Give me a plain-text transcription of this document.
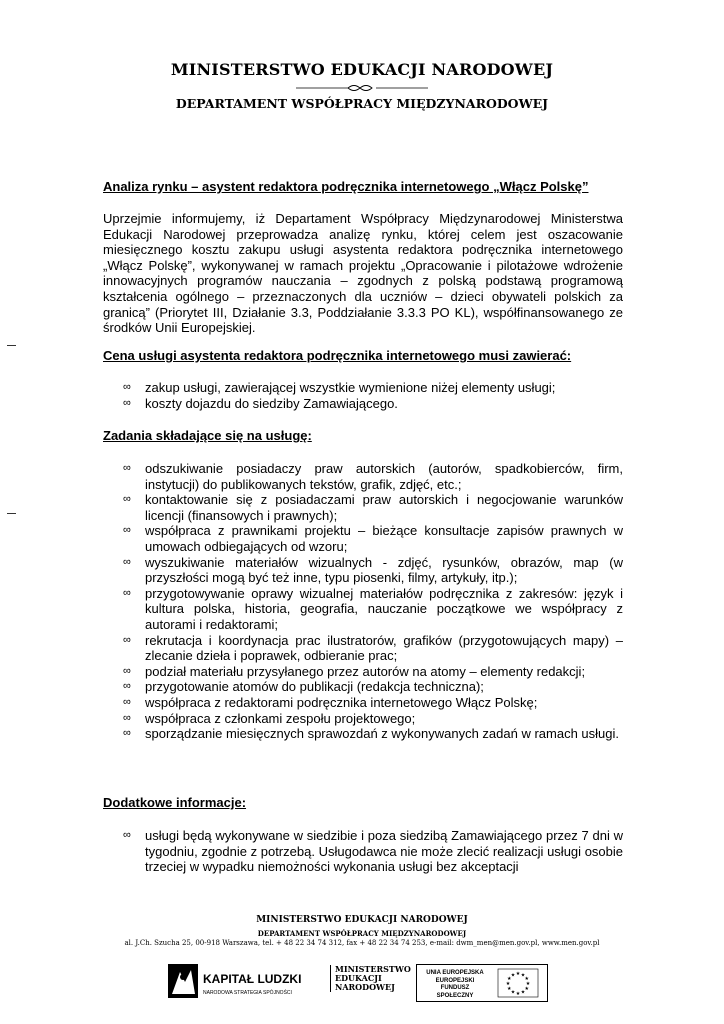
MINISTERSTWO EDUKACJI NARODOWEJ
DEPARTAMENT WSPÓŁPRACY MIĘDZYNARODOWEJ

Analiza rynku – asystent redaktora podręcznika internetowego „Włącz Polskę”

Uprzejmie informujemy, iż Departament Współpracy Międzynarodowej Ministerstwa Edukacji Narodowej przeprowadza analizę rynku, której celem jest oszacowanie miesięcznego kosztu zakupu usługi asystenta redaktora podręcznika internetowego „Włącz Polskę”, wykonywanej w ramach projektu „Opracowanie i pilotażowe wdrożenie innowacyjnych programów nauczania – zgodnych z polską podstawą programową kształcenia ogólnego – przeznaczonych dla uczniów – dzieci obywateli polskich za granicą” (Priorytet III, Działanie 3.3, Poddziałanie 3.3.3 PO KL), współfinansowanego ze środków Unii Europejskiej.

Cena usługi asystenta redaktora podręcznika internetowego musi zawierać:

∞ zakup usługi, zawierającej wszystkie wymienione niżej elementy usługi;
∞ koszty dojazdu do siedziby Zamawiającego.

Zadania składające się na usługę:

∞ odszukiwanie posiadaczy praw autorskich (autorów, spadkobierców, firm, instytucji) do publikowanych tekstów, grafik, zdjęć, etc.;
∞ kontaktowanie się z posiadaczami praw autorskich i negocjowanie warunków licencji (finansowych i prawnych);
∞ współpraca z prawnikami projektu – bieżące konsultacje zapisów prawnych w umowach odbiegających od wzoru;
∞ wyszukiwanie materiałów wizualnych - zdjęć, rysunków, obrazów, map (w przyszłości mogą być też inne, typu piosenki, filmy, artykuły, itp.);
∞ przygotowywanie oprawy wizualnej materiałów podręcznika z zakresów: język i kultura polska, historia, geografia, nauczanie początkowe we współpracy z autorami i redaktorami;
∞ rekrutacja i koordynacja prac ilustratorów, grafików (przygotowujących mapy) – zlecanie dzieła i poprawek, odbieranie prac;
∞ podział materiału przysyłanego przez autorów na atomy – elementy redakcji;
∞ przygotowanie atomów do publikacji (redakcja techniczna);
∞ współpraca z redaktorami podręcznika internetowego Włącz Polskę;
∞ współpraca z członkami zespołu projektowego;
∞ sporządzanie miesięcznych sprawozdań z wykonywanych zadań w ramach usługi.

Dodatkowe informacje:

∞ usługi będą wykonywane w siedzibie i poza siedzibą Zamawiającego przez 7 dni w tygodniu, zgodnie z potrzebą. Usługodawca nie może zlecić realizacji usługi osobie trzeciej w wypadku niemożności wykonania usługi bez akceptacji
MINISTERSTWO EDUKACJI NARODOWEJ
DEPARTAMENT WSPÓŁPRACY MIĘDZYNARODOWEJ
al. J.Ch. Szucha 25, 00-918 Warszawa, tel. + 48 22 34 74 312, fax + 48 22 34 74 253, e-mail: dwm_men@men.gov.pl, www.men.gov.pl
KAPITAŁ LUDZKI
NARODOWA STRATEGIA SPÓJNOŚCI
MINISTERSTWO
EDUKACJI
NARODOWEJ
UNIA EUROPEJSKA
EUROPEJSKI
FUNDUSZ SPOŁECZNY
★
★
★
★
★
★
★
★
★ ★ ★
★
